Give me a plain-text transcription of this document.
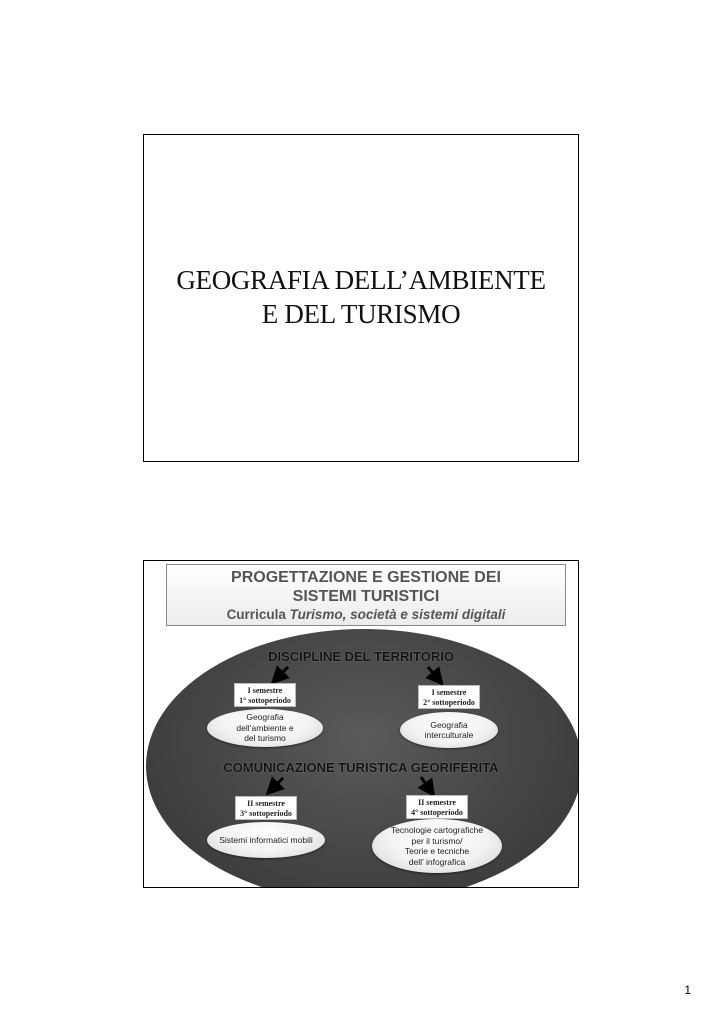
GEOGRAFIA DELL’AMBIENTE
E DEL TURISMO
PROGETTAZIONE E GESTIONE DEI
SISTEMI TURISTICI
Curricula Turismo, società e sistemi digitali
DISCIPLINE DEL TERRITORIO
I semestre
1° sottoperiodo
Geografia
dell’ambiente e
del turismo
I semestre
2° sottoperiodo
Geografia
interculturale
COMUNICAZIONE TURISTICA GEORIFERITA
II semestre
3° sottoperiodo
Sistemi informatici mobili
II semestre
4° sottoperiodo
Tecnologie cartografiche
per il turismo/
Teorie e tecniche
dell’ infografica
1
